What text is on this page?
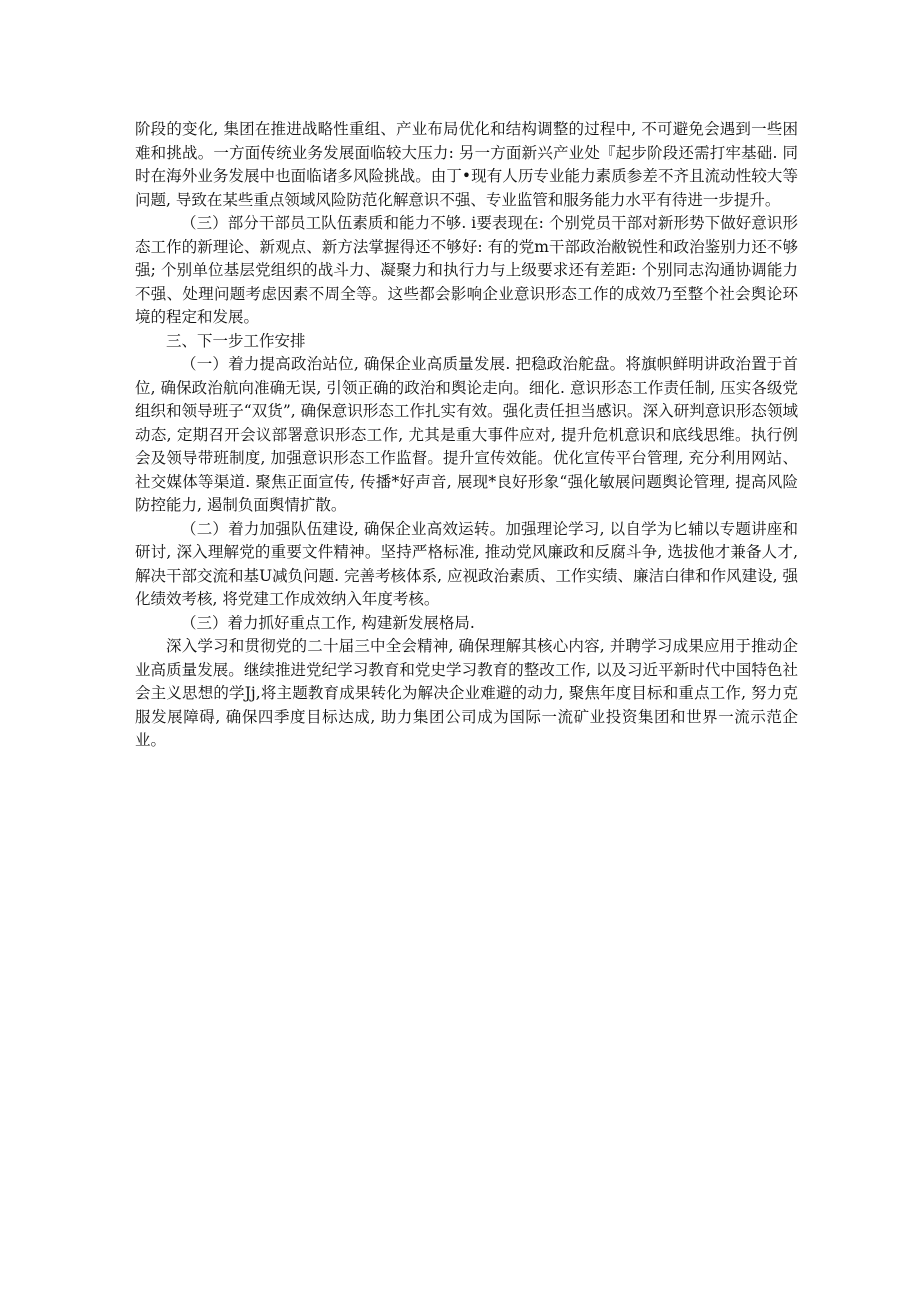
阶段的变化, 集团在推进战略性重组、产业布局优化和结构调整的过程中, 不可避免会遇到一些困难和挑战。一方面传统业务发展面临较大压力: 另一方面新兴产业处『起步阶段还需打牢基础. 同时在海外业务发展中也面临诸多风险挑战。由丁•现有人历专业能力素质参差不齐且流动性较大等问题, 导致在某些重点领域风险防范化解意识不强、专业监管和服务能力水平有待进一步提升。

（三）部分干部员工队伍素质和能力不够. i要表现在: 个别党员干部对新形势下做好意识形态工作的新理论、新观点、新方法掌握得还不够好: 有的党m干部政治敝锐性和政治鉴别力还不够强; 个别单位基层党组织的战斗力、凝聚力和执行力与上级要求还有差距: 个别同志沟通协调能力不强、处理问题考虑因素不周全等。这些都会影响企业意识形态工作的成效乃至整个社会舆论环境的程定和发展。

三、下一步工作安排

（一）着力提高政治站位, 确保企业高质量发展. 把稳政治舵盘。将旗帜鲜明讲政治置于首位, 确保政治航向准确无误, 引领正确的政治和舆论走向。细化. 意识形态工作责任制, 压实各级党组织和领导班子“双货”, 确保意识形态工作扎实有效。强化责任担当感识。深入研判意识形态领域动态, 定期召开会议部署意识形态工作, 尤其是重大事件应对, 提升危机意识和底线思维。执行例会及领导带班制度, 加强意识形态工作监督。提升宣传效能。优化宣传平台管理, 充分利用网站、社交媒体等渠道. 聚焦正面宣传, 传播*好声音, 展现*良好形象“强化敏展问题舆论管理, 提高风险防控能力, 遏制负面舆情扩散。

（二）着力加强队伍建设, 确保企业高效运转。加强理论学习, 以自学为匕辅以专题讲座和研讨, 深入理解党的重要文件精神。坚持严格标准, 推动党风廉政和反腐斗争, 选拔他才兼备人才, 解决干部交流和基U减负问题. 完善考核体系, 应视政治素质、工作实绩、廉洁白律和作风建设, 强化绩效考核, 将党建工作成效纳入年度考核。

（三）着力抓好重点工作, 构建新发展格局.

深入学习和贯彻党的二十届三中全会精神, 确保理解其核心内容, 并聘学习成果应用于推动企业高质量发展。继续推进党纪学习教育和党史学习教育的整改工作, 以及习近平新时代中国特色社会主义思想的学Jj,将主题教育成果转化为解决企业难避的动力, 聚焦年度目标和重点工作, 努力克服发展障碍, 确保四季度目标达成, 助力集团公司成为国际一流矿业投资集团和世界一流示范企业。
